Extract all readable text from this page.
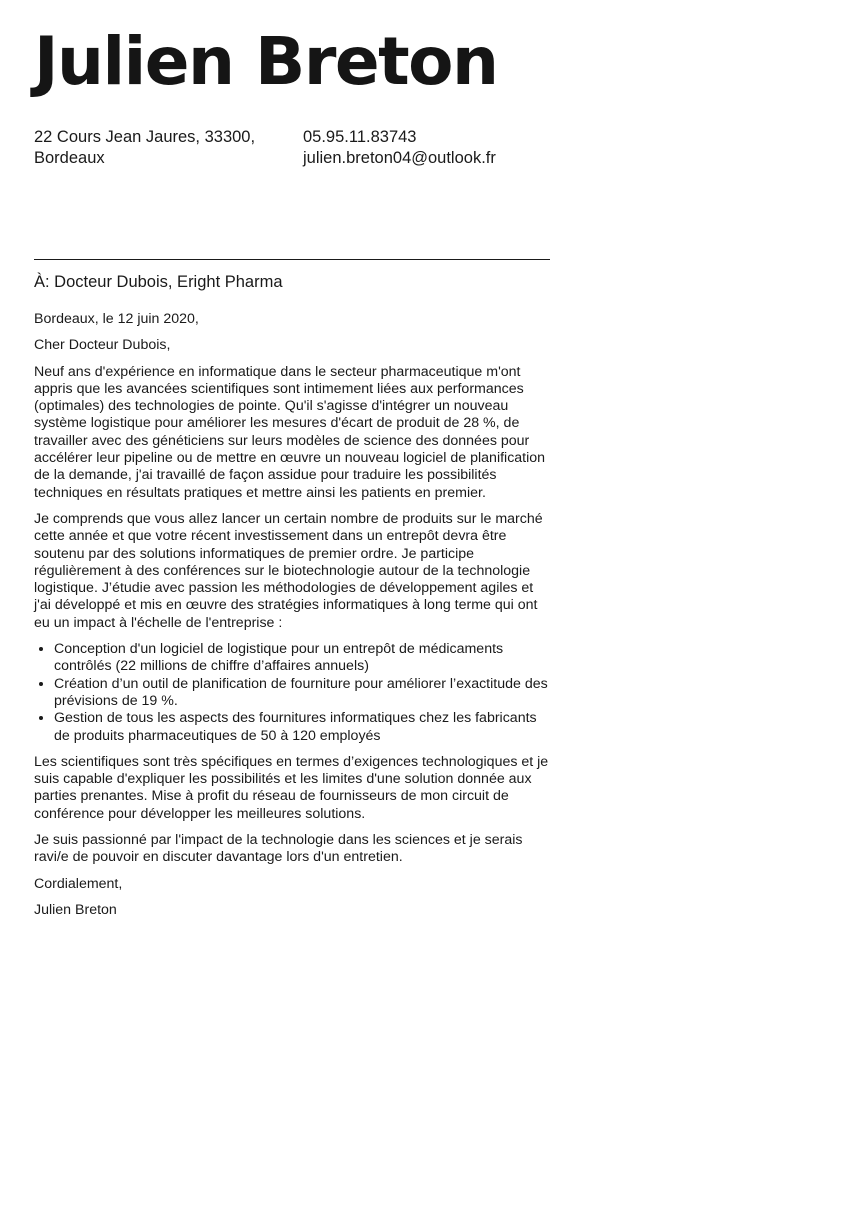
Julien Breton
22 Cours Jean Jaures, 33300,
Bordeaux
05.95.11.83743
julien.breton04@outlook.fr
À: Docteur Dubois, Eright Pharma

Bordeaux, le 12 juin 2020,

Cher Docteur Dubois,

Neuf ans d'expérience en informatique dans le secteur pharmaceutique m'ont appris que les avancées scientifiques sont intimement liées aux performances (optimales) des technologies de pointe. Qu'il s'agisse d'intégrer un nouveau système logistique pour améliorer les mesures d'écart de produit de 28 %, de travailler avec des généticiens sur leurs modèles de science des données pour accélérer leur pipeline ou de mettre en œuvre un nouveau logiciel de planification de la demande, j'ai travaillé de façon assidue pour traduire les possibilités techniques en résultats pratiques et mettre ainsi les patients en premier.

Je comprends que vous allez lancer un certain nombre de produits sur le marché cette année et que votre récent investissement dans un entrepôt devra être soutenu par des solutions informatiques de premier ordre. Je participe régulièrement à des conférences sur le biotechnologie autour de la technologie logistique. J’étudie avec passion les méthodologies de développement agiles et j'ai développé et mis en œuvre des stratégies informatiques à long terme qui ont eu un impact à l'échelle de l'entreprise :

• Conception d'un logiciel de logistique pour un entrepôt de médicaments contrôlés (22 millions de chiffre d’affaires annuels)
• Création d’un outil de planification de fourniture pour améliorer l’exactitude des prévisions de 19 %.
• Gestion de tous les aspects des fournitures informatiques chez les fabricants de produits pharmaceutiques de 50 à 120 employés

Les scientifiques sont très spécifiques en termes d’exigences technologiques et je suis capable d'expliquer les possibilités et les limites d'une solution donnée aux parties prenantes. Mise à profit du réseau de fournisseurs de mon circuit de conférence pour développer les meilleures solutions.

Je suis passionné par l'impact de la technologie dans les sciences et je serais ravi/e de pouvoir en discuter davantage lors d'un entretien.

Cordialement,

Julien Breton
